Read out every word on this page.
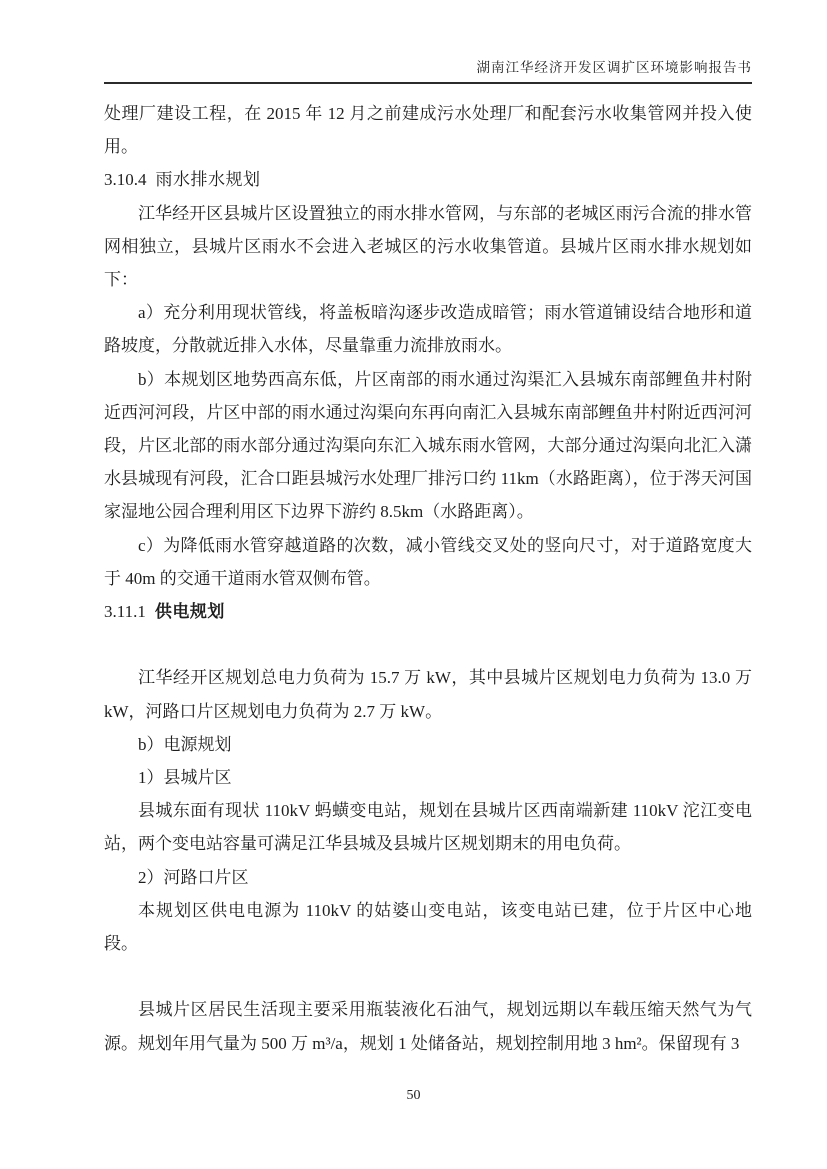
湖南江华经济开发区调扩区环境影响报告书

处理厂建设工程，在 2015 年 12 月之前建成污水处理厂和配套污水收集管网并投入使用。

3.10.4 雨水排水规划

江华经开区县城片区设置独立的雨水排水管网，与东部的老城区雨污合流的排水管网相独立，县城片区雨水不会进入老城区的污水收集管道。县城片区雨水排水规划如下：

a）充分利用现状管线，将盖板暗沟逐步改造成暗管；雨水管道铺设结合地形和道路坡度，分散就近排入水体，尽量靠重力流排放雨水。

b）本规划区地势西高东低，片区南部的雨水通过沟渠汇入县城东南部鲤鱼井村附近西河河段，片区中部的雨水通过沟渠向东再向南汇入县城东南部鲤鱼井村附近西河河段，片区北部的雨水部分通过沟渠向东汇入城东雨水管网，大部分通过沟渠向北汇入潇水县城现有河段，汇合口距县城污水处理厂排污口约 11km（水路距离），位于涔天河国家湿地公园合理利用区下边界下游约 8.5km（水路距离）。

c）为降低雨水管穿越道路的次数，减小管线交叉处的竖向尺寸，对于道路宽度大于 40m 的交通干道雨水管双侧布管。

3.11.1 供电规划

江华经开区规划总电力负荷为 15.7 万 kW，其中县城片区规划电力负荷为 13.0 万 kW，河路口片区规划电力负荷为 2.7 万 kW。

b）电源规划

1）县城片区

县城东面有现状 110kV 蚂蟥变电站，规划在县城片区西南端新建 110kV 沱江变电站，两个变电站容量可满足江华县城及县城片区规划期末的用电负荷。

2）河路口片区

本规划区供电电源为 110kV 的姑婆山变电站，该变电站已建，位于片区中心地段。

县城片区居民生活现主要采用瓶装液化石油气，规划远期以车载压缩天然气为气源。规划年用气量为 500 万 m³/a，规划 1 处储备站，规划控制用地 3 hm²。保留现有 3

50
